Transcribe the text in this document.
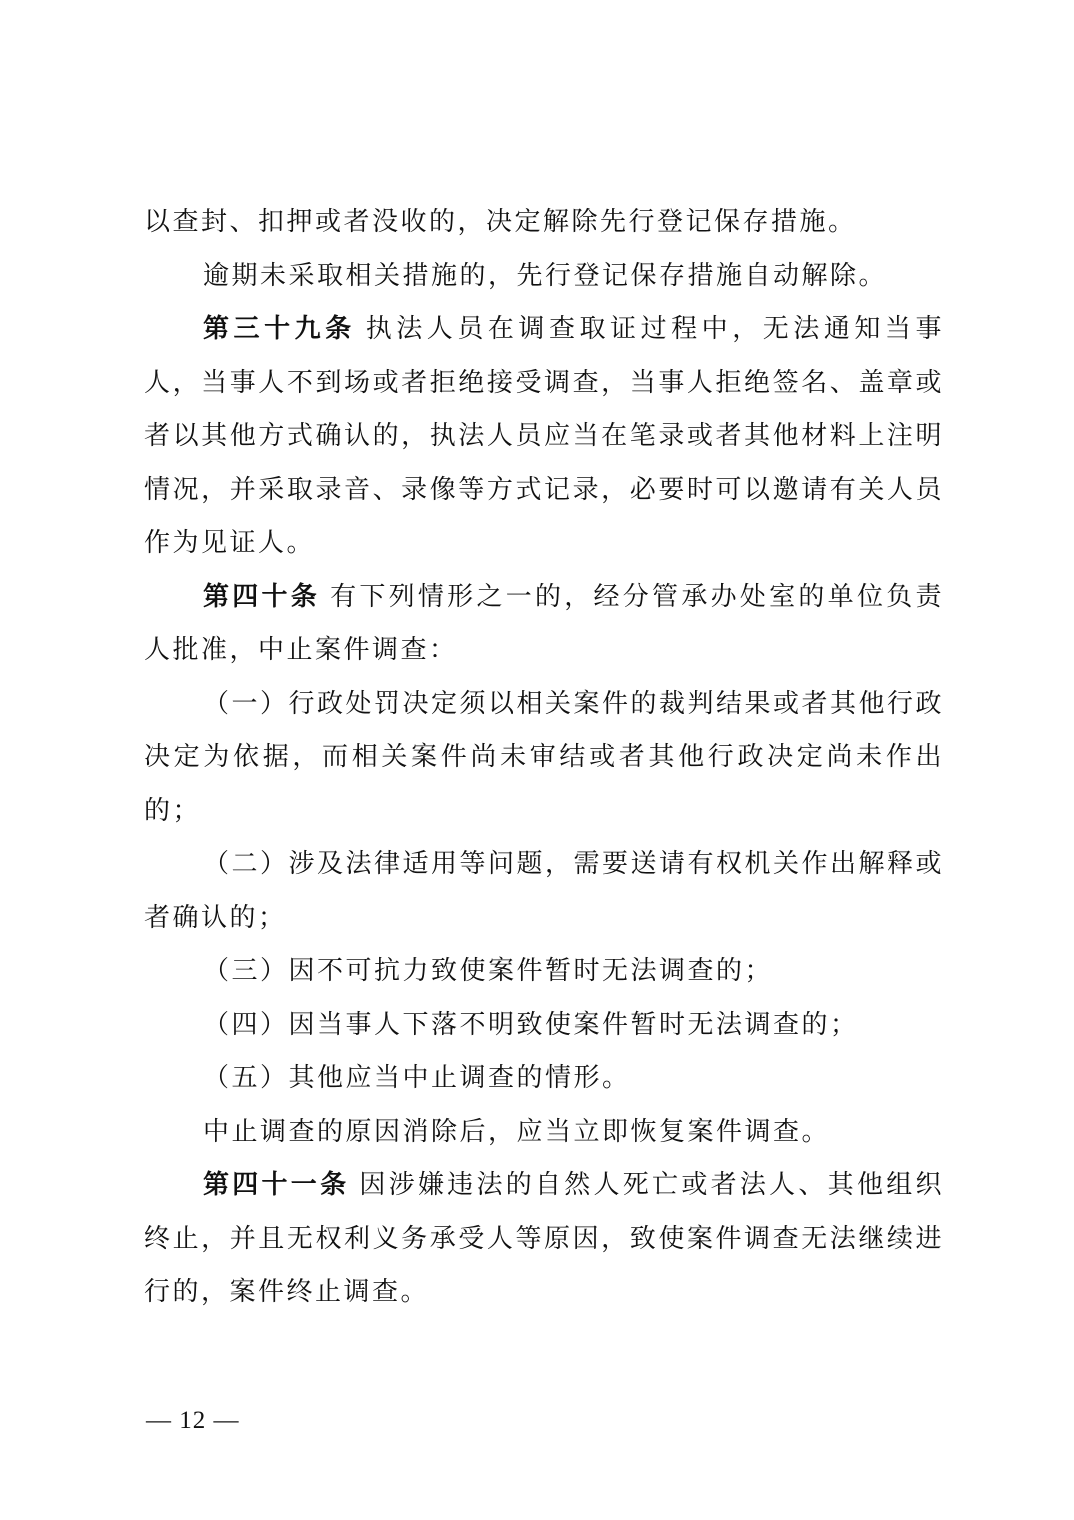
以查封、扣押或者没收的，决定解除先行登记保存措施。

逾期未采取相关措施的，先行登记保存措施自动解除。

第三十九条 执法人员在调查取证过程中，无法通知当事人，当事人不到场或者拒绝接受调查，当事人拒绝签名、盖章或者以其他方式确认的，执法人员应当在笔录或者其他材料上注明情况，并采取录音、录像等方式记录，必要时可以邀请有关人员作为见证人。

第四十条 有下列情形之一的，经分管承办处室的单位负责人批准，中止案件调查：

（一）行政处罚决定须以相关案件的裁判结果或者其他行政决定为依据，而相关案件尚未审结或者其他行政决定尚未作出的；

（二）涉及法律适用等问题，需要送请有权机关作出解释或者确认的；

（三）因不可抗力致使案件暂时无法调查的；

（四）因当事人下落不明致使案件暂时无法调查的；

（五）其他应当中止调查的情形。

中止调查的原因消除后，应当立即恢复案件调查。

第四十一条 因涉嫌违法的自然人死亡或者法人、其他组织终止，并且无权利义务承受人等原因，致使案件调查无法继续进行的，案件终止调查。

— 12 —
